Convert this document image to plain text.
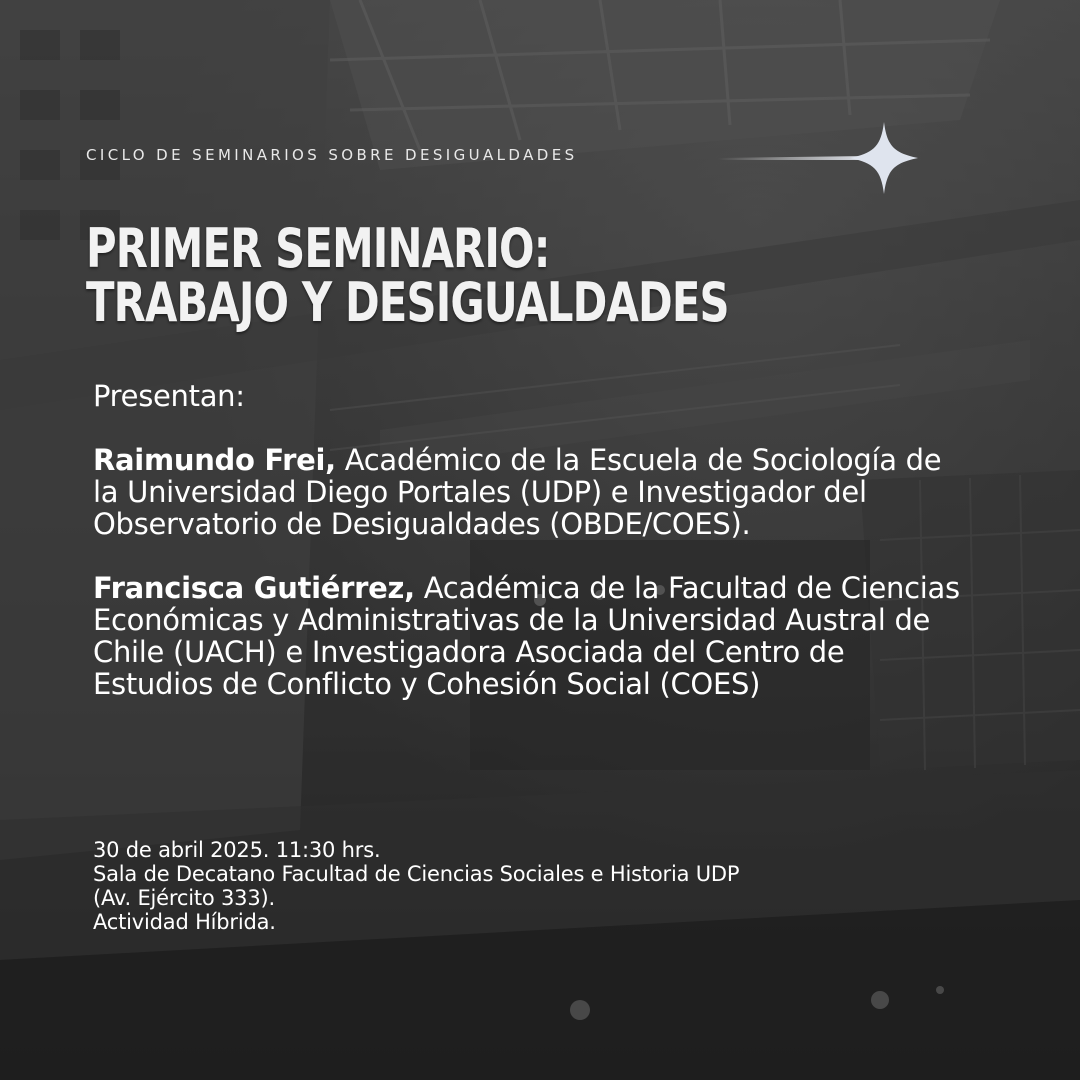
CICLO DE SEMINARIOS SOBRE DESIGUALDADES
PRIMER SEMINARIO:
TRABAJO Y DESIGUALDADES

Presentan:

Raimundo Frei, Académico de la Escuela de Sociología de la Universidad Diego Portales (UDP) e Investigador del Observatorio de Desigualdades (OBDE/COES).

Francisca Gutiérrez, Académica de la Facultad de Ciencias Económicas y Administrativas de la Universidad Austral de Chile (UACH) e Investigadora Asociada del Centro de Estudios de Conflicto y Cohesión Social (COES)

30 de abril 2025. 11:30 hrs.
Sala de Decatano Facultad de Ciencias Sociales e Historia UDP
(Av. Ejército 333).
Actividad Híbrida.
